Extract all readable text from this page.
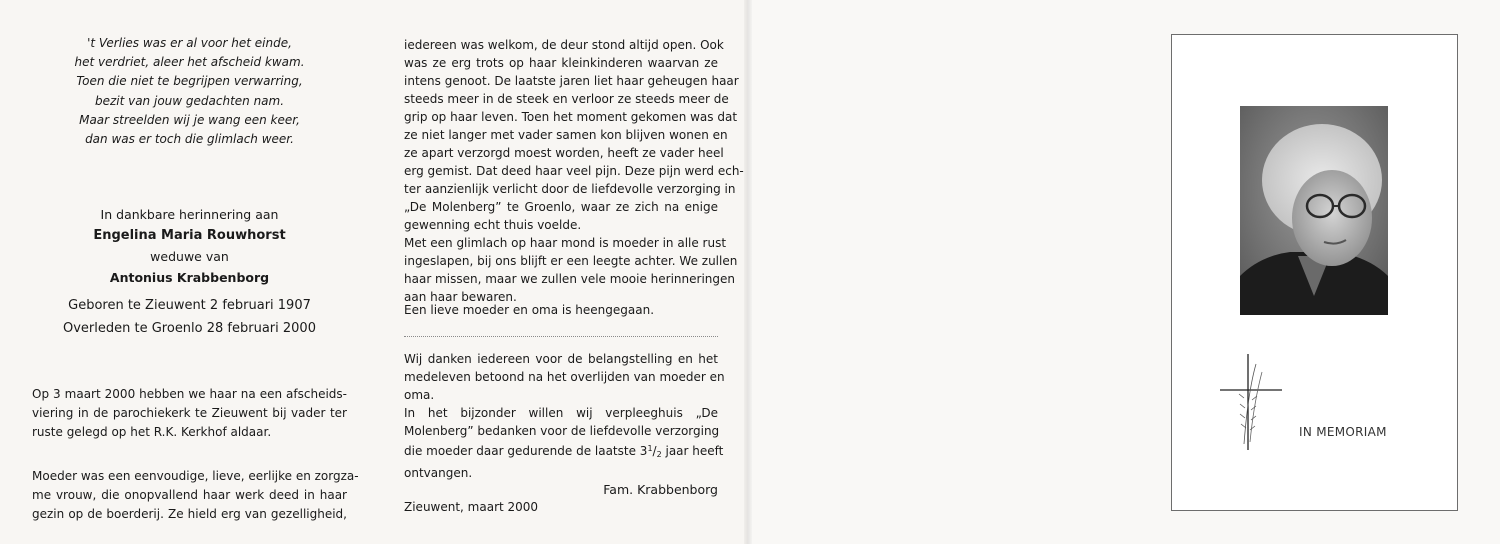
't Verlies was er al voor het einde,
het verdriet, aleer het afscheid kwam.
Toen die niet te begrijpen verwarring,
bezit van jouw gedachten nam.
Maar streelden wij je wang een keer,
dan was er toch die glimlach weer.
In dankbare herinnering aan
Engelina Maria Rouwhorst
weduwe van
Antonius Krabbenborg
Geboren te Zieuwent 2 februari 1907
Overleden te Groenlo 28 februari 2000
Op 3 maart 2000 hebben we haar na een afscheids-
viering in de parochiekerk te Zieuwent bij vader ter
ruste gelegd op het R.K. Kerkhof aldaar.
Moeder was een eenvoudige, lieve, eerlijke en zorgza-
me vrouw, die onopvallend haar werk deed in haar
gezin op de boerderij. Ze hield erg van gezelligheid,
iedereen was welkom, de deur stond altijd open. Ook
was ze erg trots op haar kleinkinderen waarvan ze
intens genoot. De laatste jaren liet haar geheugen haar
steeds meer in de steek en verloor ze steeds meer de
grip op haar leven. Toen het moment gekomen was dat
ze niet langer met vader samen kon blijven wonen en
ze apart verzorgd moest worden, heeft ze vader heel
erg gemist. Dat deed haar veel pijn. Deze pijn werd ech-
ter aanzienlijk verlicht door de liefdevolle verzorging in
„De Molenberg” te Groenlo, waar ze zich na enige
gewenning echt thuis voelde.
Met een glimlach op haar mond is moeder in alle rust
ingeslapen, bij ons blijft er een leegte achter. We zullen
haar missen, maar we zullen vele mooie herinneringen
aan haar bewaren.
Een lieve moeder en oma is heengegaan.
Wij danken iedereen voor de belangstelling en het
medeleven betoond na het overlijden van moeder en
oma.
In het bijzonder willen wij verpleeghuis „De
Molenberg” bedanken voor de liefdevolle verzorging
die moeder daar gedurende de laatste $3^1/_2$ jaar heeft
ontvangen.
Fam. Krabbenborg
Zieuwent, maart 2000
IN MEMORIAM
